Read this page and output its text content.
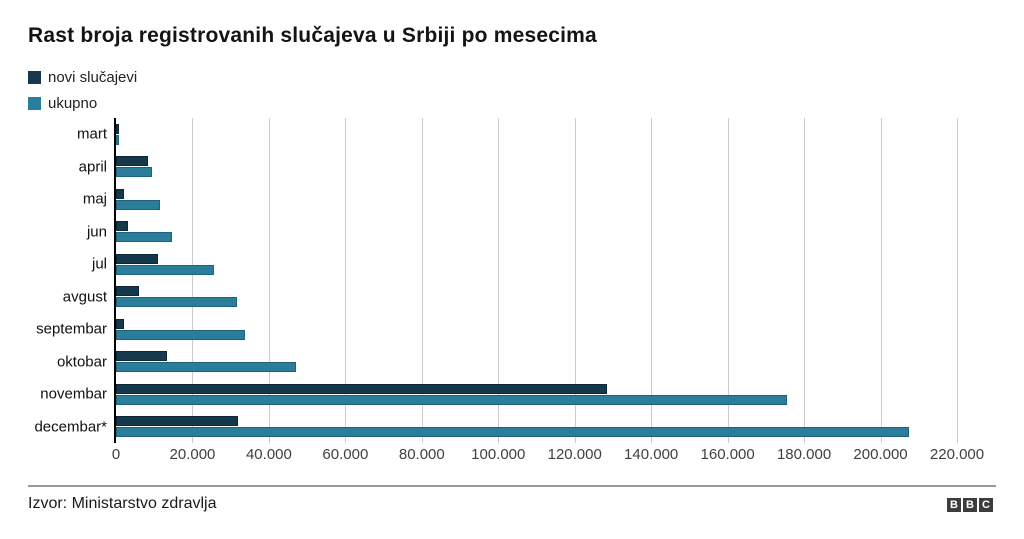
Rast broja registrovanih slučajeva u Srbiji po mesecima
novi slučajevi
ukupno
mart
april
maj
jun
jul
avgust
septembar
oktobar
novembar
decembar*
0	20.000 40.000 60.000 80.000 100.000 120.000 140.000 160.000 180.000 200.000 220.000
Izvor: Ministarstvo zdravlja	B B C
